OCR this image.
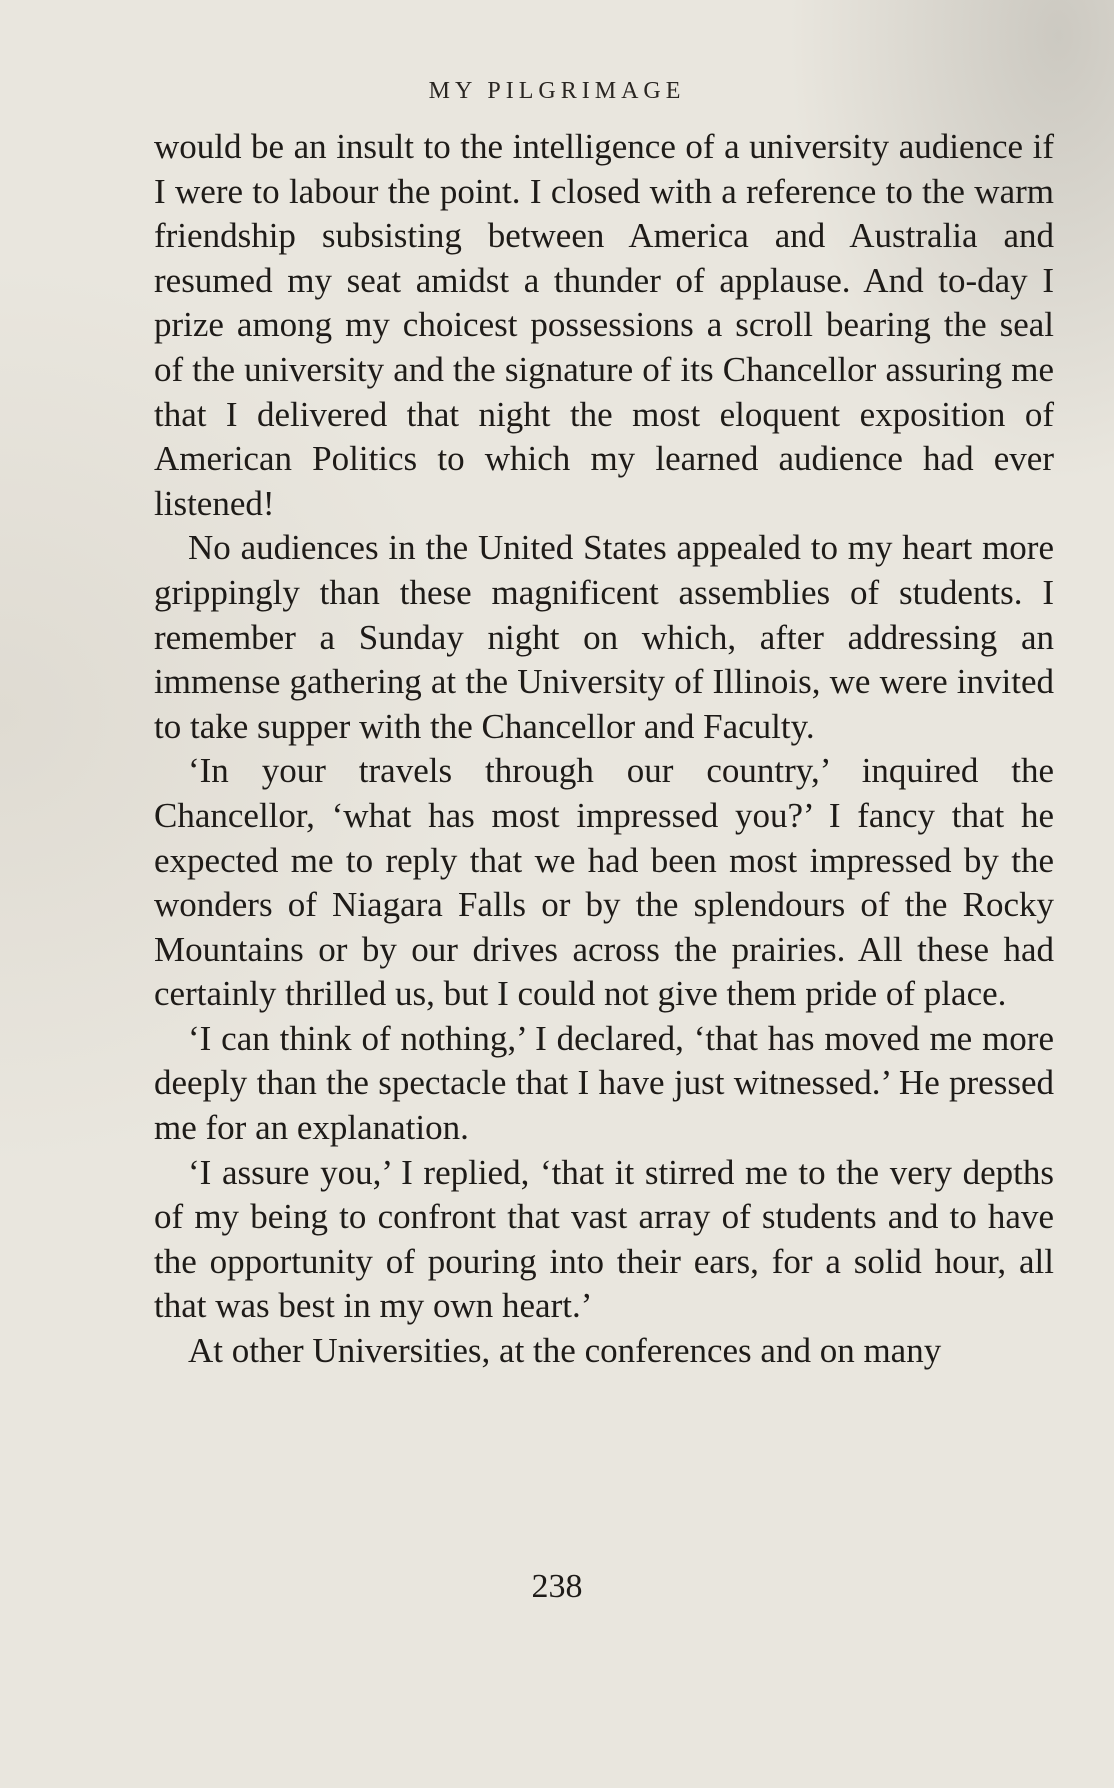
MY PILGRIMAGE

would be an insult to the intelligence of a university audience if I were to labour the point. I closed with a reference to the warm friendship subsisting between America and Australia and resumed my seat amidst a thunder of applause. And to-day I prize among my choicest possessions a scroll bearing the seal of the university and the signature of its Chancellor assuring me that I delivered that night the most eloquent exposition of American Politics to which my learned audience had ever listened!

No audiences in the United States appealed to my heart more grippingly than these magnificent assemblies of students. I remember a Sunday night on which, after addressing an immense gathering at the University of Illinois, we were invited to take supper with the Chancellor and Faculty.

‘In your travels through our country,’ inquired the Chancellor, ‘what has most impressed you?’ I fancy that he expected me to reply that we had been most impressed by the wonders of Niagara Falls or by the splendours of the Rocky Mountains or by our drives across the prairies. All these had certainly thrilled us, but I could not give them pride of place.

‘I can think of nothing,’ I declared, ‘that has moved me more deeply than the spectacle that I have just witnessed.’ He pressed me for an explanation.

‘I assure you,’ I replied, ‘that it stirred me to the very depths of my being to confront that vast array of students and to have the opportunity of pouring into their ears, for a solid hour, all that was best in my own heart.’

At other Universities, at the conferences and on many

238
